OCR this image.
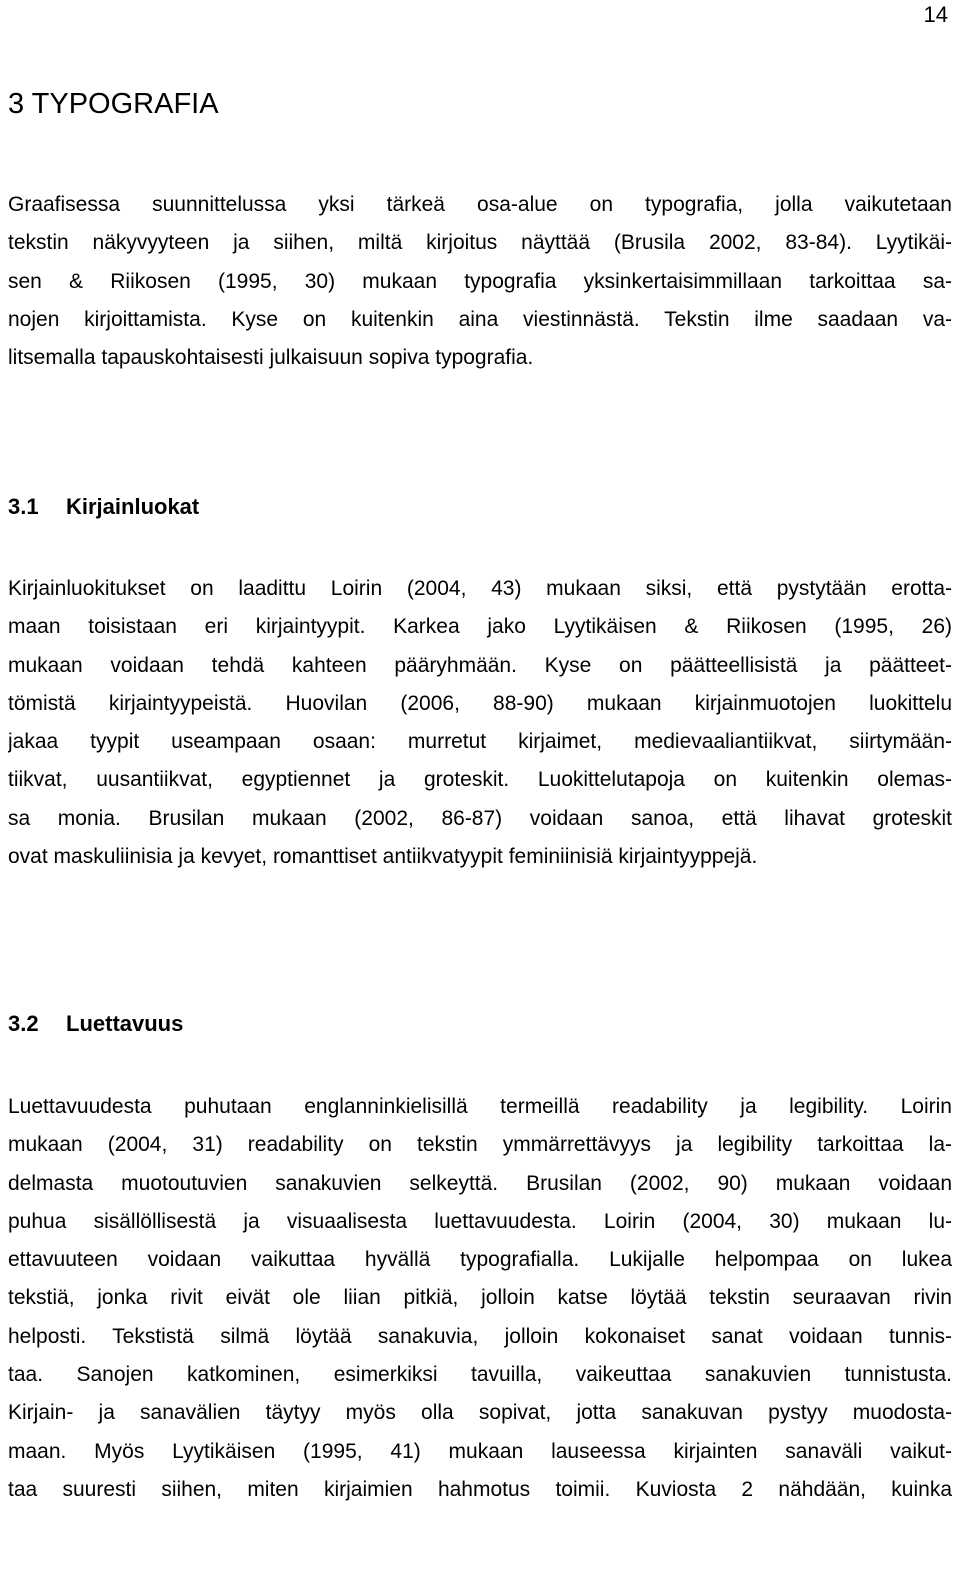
14
3 TYPOGRAFIA
Graafisessa suunnittelussa yksi tärkeä osa-alue on typografia, jolla vaikutetaan
tekstin näkyvyyteen ja siihen, miltä kirjoitus näyttää (Brusila 2002, 83-84). Lyytikäi-
sen & Riikosen (1995, 30) mukaan typografia yksinkertaisimmillaan tarkoittaa sa-
nojen kirjoittamista. Kyse on kuitenkin aina viestinnästä. Tekstin ilme saadaan va-
litsemalla tapauskohtaisesti julkaisuun sopiva typografia.
3.1 Kirjainluokat
Kirjainluokitukset on laadittu Loirin (2004, 43) mukaan siksi, että pystytään erotta-
maan toisistaan eri kirjaintyypit. Karkea jako Lyytikäisen & Riikosen (1995, 26)
mukaan voidaan tehdä kahteen pääryhmään. Kyse on päätteellisistä ja päätteet-
tömistä kirjaintyypeistä. Huovilan (2006, 88-90) mukaan kirjainmuotojen luokittelu
jakaa tyypit useampaan osaan: murretut kirjaimet, medievaaliantiikvat, siirtymään-
tiikvat, uusantiikvat, egyptiennet ja groteskit. Luokittelutapoja on kuitenkin olemas-
sa monia. Brusilan mukaan (2002, 86-87) voidaan sanoa, että lihavat groteskit
ovat maskuliinisia ja kevyet, romanttiset antiikvatyypit feminiinisiä kirjaintyyppejä.
3.2 Luettavuus
Luettavuudesta puhutaan englanninkielisillä termeillä readability ja legibility. Loirin
mukaan (2004, 31) readability on tekstin ymmärrettävyys ja legibility tarkoittaa la-
delmasta muotoutuvien sanakuvien selkeyttä. Brusilan (2002, 90) mukaan voidaan
puhua sisällöllisestä ja visuaalisesta luettavuudesta. Loirin (2004, 30) mukaan lu-
ettavuuteen voidaan vaikuttaa hyvällä typografialla. Lukijalle helpompaa on lukea
tekstiä, jonka rivit eivät ole liian pitkiä, jolloin katse löytää tekstin seuraavan rivin
helposti. Tekstistä silmä löytää sanakuvia, jolloin kokonaiset sanat voidaan tunnis-
taa. Sanojen katkominen, esimerkiksi tavuilla, vaikeuttaa sanakuvien tunnistusta.
Kirjain- ja sanavälien täytyy myös olla sopivat, jotta sanakuvan pystyy muodosta-
maan. Myös Lyytikäisen (1995, 41) mukaan lauseessa kirjainten sanaväli vaikut-
taa suuresti siihen, miten kirjaimien hahmotus toimii. Kuviosta 2 nähdään, kuinka
